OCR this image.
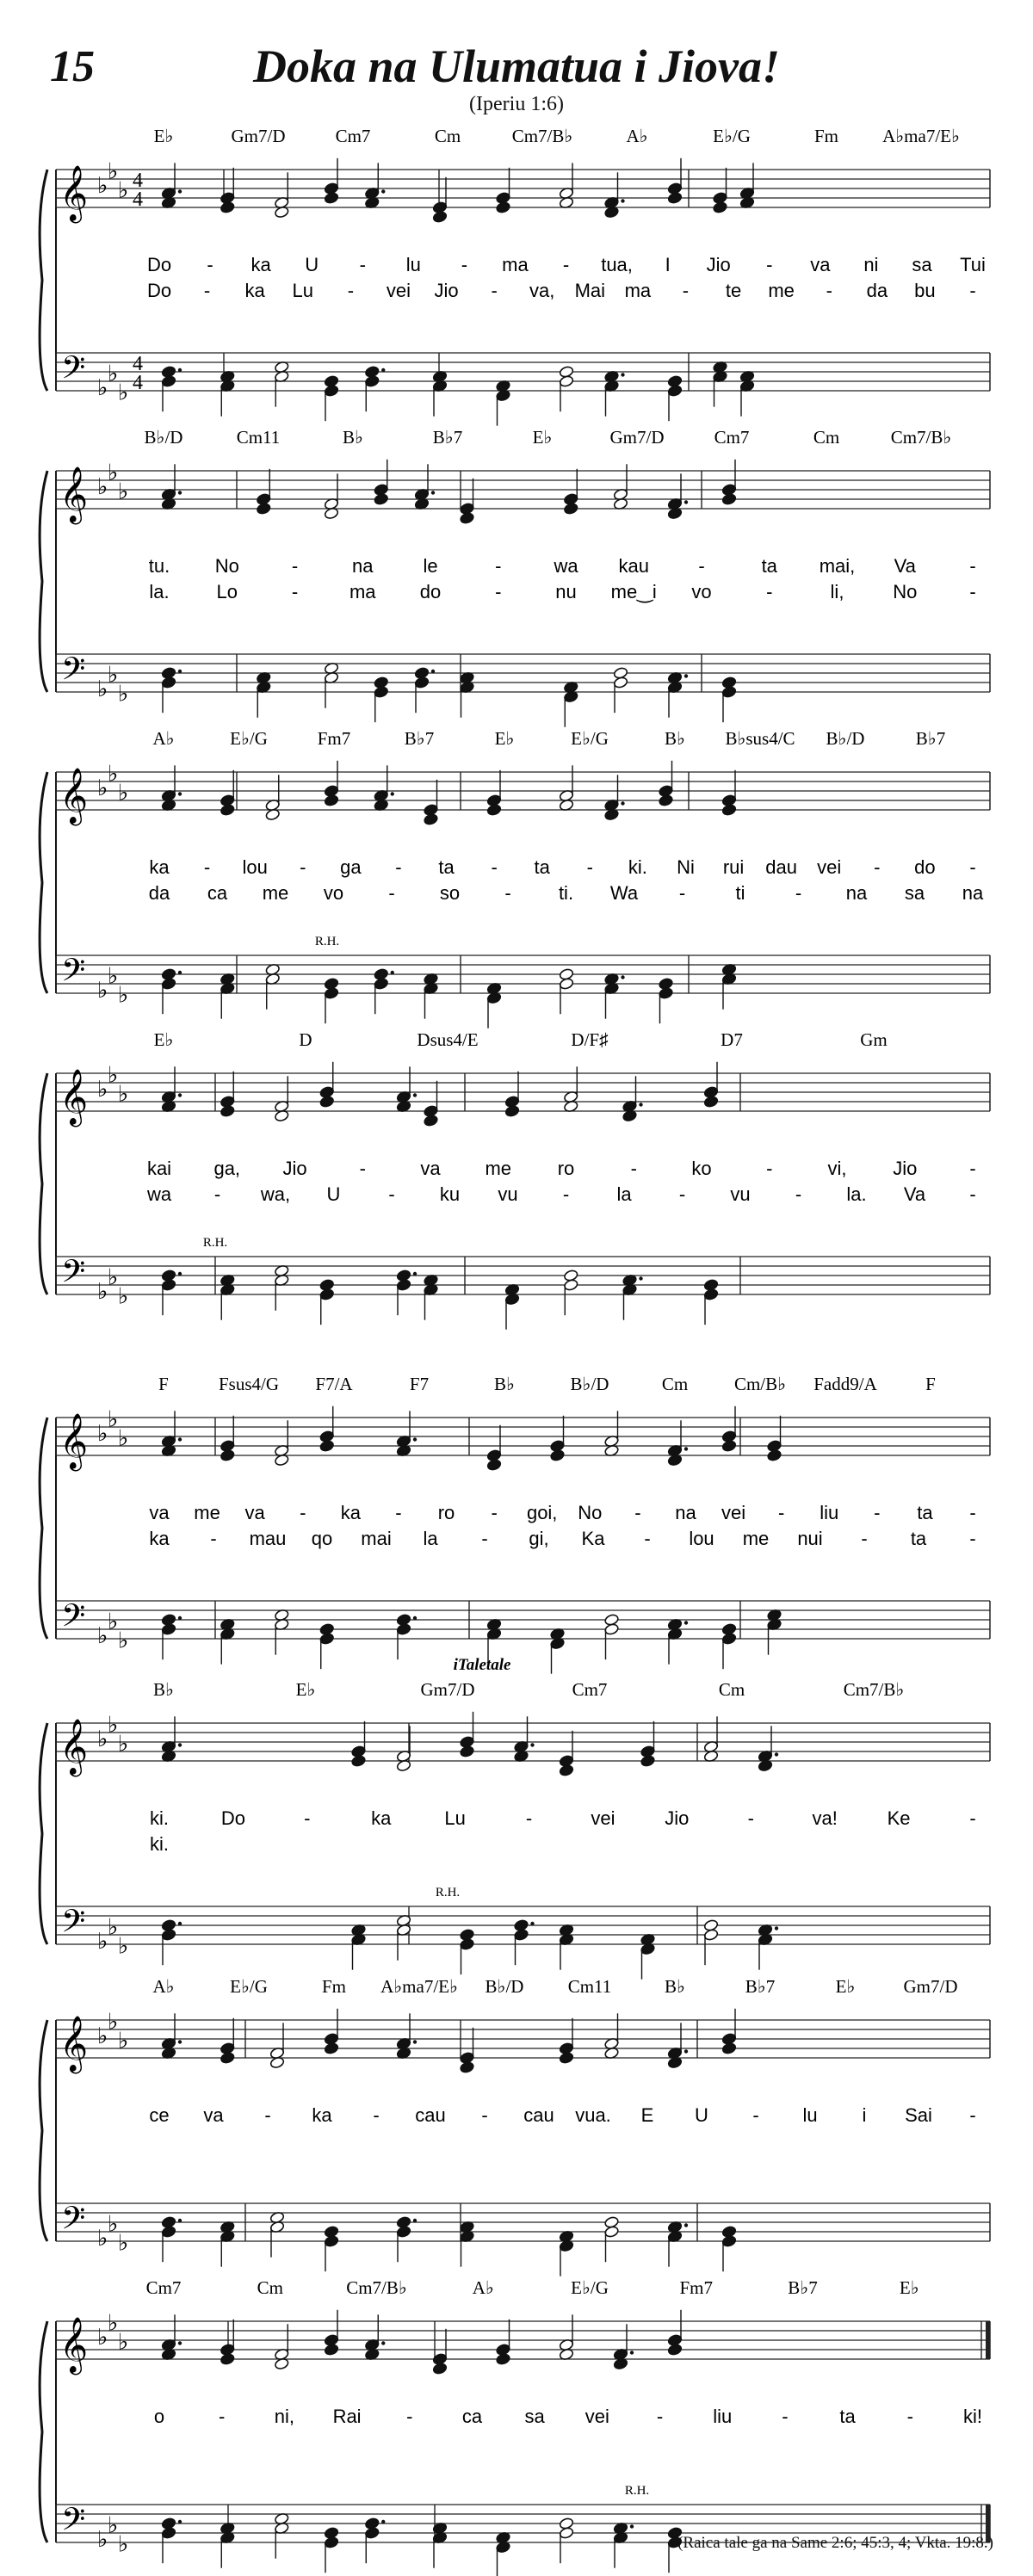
15	Doka na Ulumatua i Jiova!
(Iperiu 1:6)
E♭	Gm7/D	Cm7	Cm	Cm7/B♭	A♭	E♭/G	Fm A♭ma7/E♭
𝄞 ♭
♭
♭ 4
4
𝄢 ♭
♭
♭
4
4
Do - ka U - lu - ma - tua, I Jio - va ni sa Tui
Do - ka Lu - vei Jio - va, Mai ma - te me - da bu -
B♭/D	Cm11	B♭	B♭7	E♭	Gm7/D	Cm7	Cm	Cm7/B♭
𝄞 ♭
♭
♭
𝄢 ♭
♭
♭
tu. No	-	na	le	-	wa kau	-	ta mai, Va	-
la. Lo	-	ma do	-	nu me‿i vo	-	li,	No	-
A♭	E♭/G	Fm7	B♭7	E♭	E♭/G	B♭ B♭sus4/C B♭/D	B♭7
𝄞 ♭
♭
♭
𝄢 ♭
♭
♭
ka - lou - ga - ta - ta - ki. Ni rui dau vei - do -
da ca me vo - so -	ti. Wa -	ti	- na sa na
R.H.
E♭	D	Dsus4/E	D/F♯	D7	Gm
𝄞 ♭
♭
♭
𝄢 ♭
♭
♭
kai ga, Jio	-	va me ro	-	ko	-	vi, Jio	-
wa - wa, U	- ku vu -	la	- vu - la. Va -
R.H.
F	Fsus4/G F7/A	F7	B♭	B♭/D	Cm	Cm/B♭ Fadd9/A	F
𝄞 ♭
♭
♭
𝄢 ♭
♭
♭
va me va - ka - ro - goi, No - na vei - liu - ta -
ka - mau qo mai la - gi, Ka - lou me nui - ta -
B♭	E♭	Gm7/D	Cm7	Cm	Cm7/B♭
𝄞 ♭
♭
♭
𝄢 ♭
♭
♭
ki.	Do	-	ka	Lu	-	vei	Jio	-	va!	Ke	-
ki.
R.H.
iTaletale
A♭	E♭/G	Fm A♭ma7/E♭ B♭/D Cm11	B♭	B♭7	E♭	Gm7/D
𝄞 ♭
♭
♭
𝄢 ♭
♭
♭
ce va - ka - cau - cau vua. E U - lu i Sai -
Cm7	Cm	Cm7/B♭	A♭	E♭/G	Fm7	B♭7	E♭
𝄞 ♭
♭
♭
𝄢 ♭
♭
♭
o	-	ni, Rai -	ca sa vei -	liu	-	ta	-	ki!
R.H.
(Raica tale ga na Same 2:6; 45:3, 4; Vkta. 19:8.)
